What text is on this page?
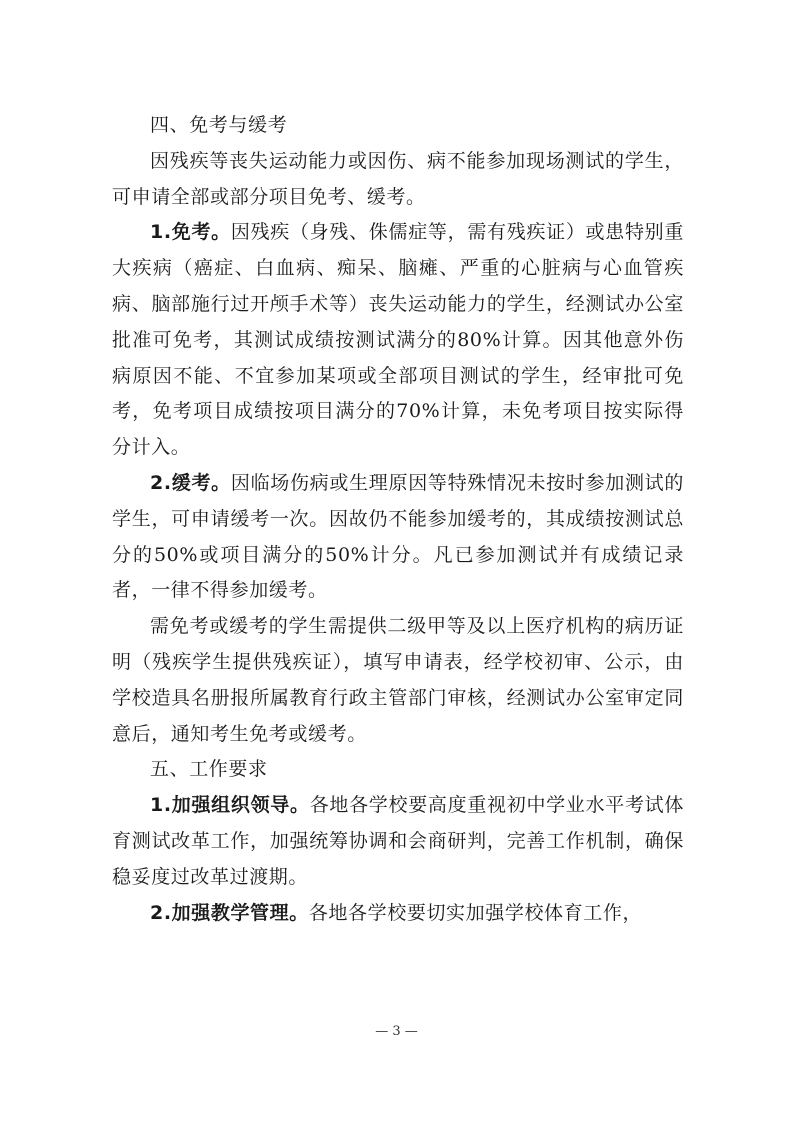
四、免考与缓考

因残疾等丧失运动能力或因伤、病不能参加现场测试的学生，可申请全部或部分项目免考、缓考。

1.免考。因残疾（身残、侏儒症等，需有残疾证）或患特别重大疾病（癌症、白血病、痴呆、脑瘫、严重的心脏病与心血管疾病、脑部施行过开颅手术等）丧失运动能力的学生，经测试办公室批准可免考，其测试成绩按测试满分的80%计算。因其他意外伤病原因不能、不宜参加某项或全部项目测试的学生，经审批可免考，免考项目成绩按项目满分的70%计算，未免考项目按实际得分计入。

2.缓考。因临场伤病或生理原因等特殊情况未按时参加测试的学生，可申请缓考一次。因故仍不能参加缓考的，其成绩按测试总分的50%或项目满分的50%计分。凡已参加测试并有成绩记录者，一律不得参加缓考。

需免考或缓考的学生需提供二级甲等及以上医疗机构的病历证明（残疾学生提供残疾证），填写申请表，经学校初审、公示，由学校造具名册报所属教育行政主管部门审核，经测试办公室审定同意后，通知考生免考或缓考。

五、工作要求

1.加强组织领导。各地各学校要高度重视初中学业水平考试体育测试改革工作，加强统筹协调和会商研判，完善工作机制，确保稳妥度过改革过渡期。

2.加强教学管理。各地各学校要切实加强学校体育工作，

— 3 —
